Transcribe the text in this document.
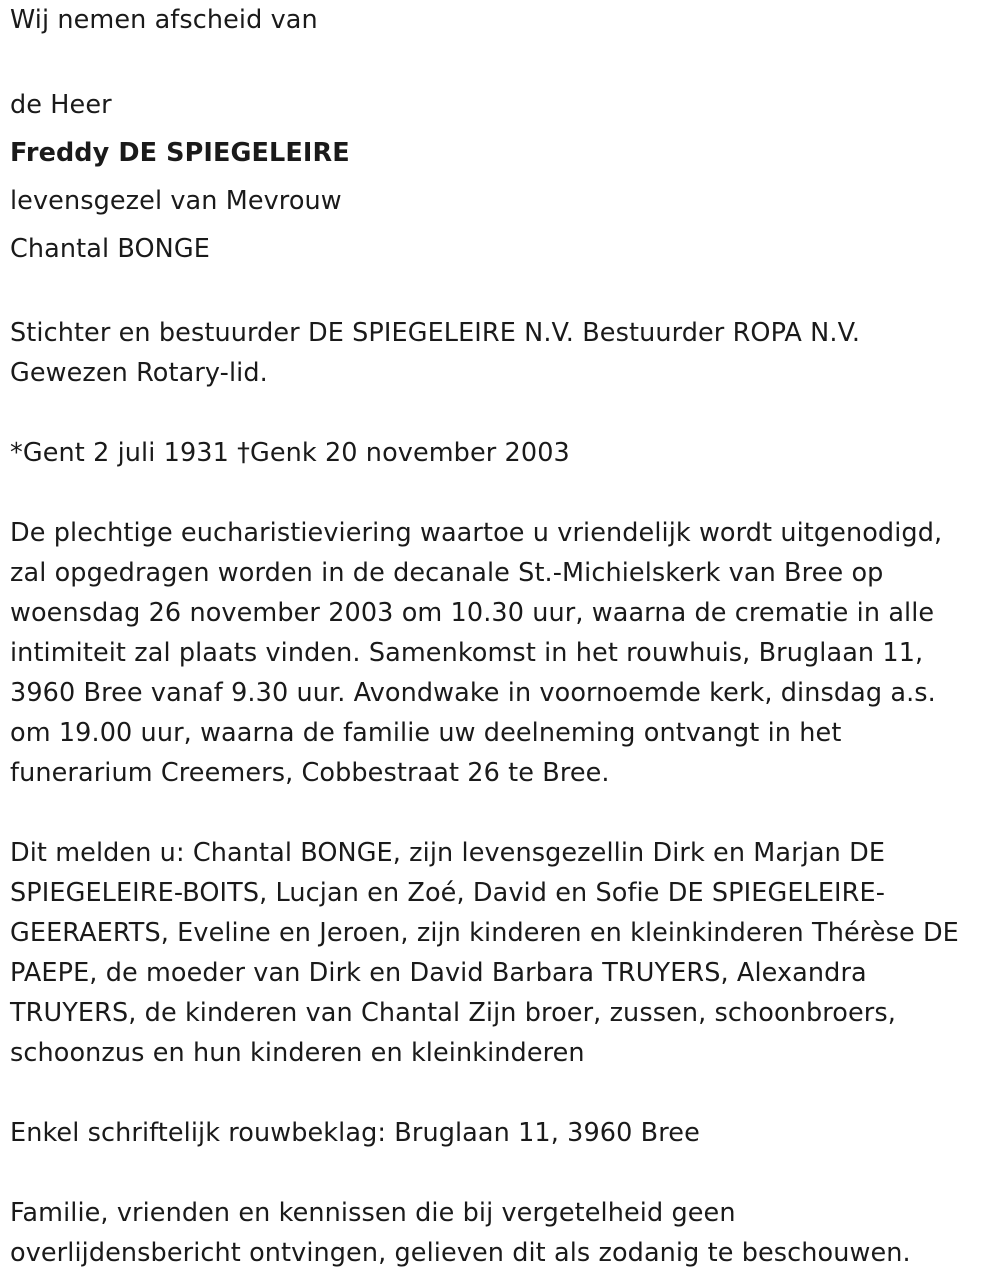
Wij nemen afscheid van
de Heer
Freddy DE SPIEGELEIRE
levensgezel van Mevrouw
Chantal BONGE
Stichter en bestuurder DE SPIEGELEIRE N.V. Bestuurder ROPA N.V.
Gewezen Rotary-lid.
*Gent 2 juli 1931 †Genk 20 november 2003
De plechtige eucharistieviering waartoe u vriendelijk wordt uitgenodigd,
zal opgedragen worden in de decanale St.-Michielskerk van Bree op
woensdag 26 november 2003 om 10.30 uur, waarna de crematie in alle
intimiteit zal plaats vinden. Samenkomst in het rouwhuis, Bruglaan 11,
3960 Bree vanaf 9.30 uur. Avondwake in voornoemde kerk, dinsdag a.s.
om 19.00 uur, waarna de familie uw deelneming ontvangt in het
funerarium Creemers, Cobbestraat 26 te Bree.
Dit melden u: Chantal BONGE, zijn levensgezellin Dirk en Marjan DE
SPIEGELEIRE-BOITS, Lucjan en Zoé, David en Sofie DE SPIEGELEIRE-
GEERAERTS, Eveline en Jeroen, zijn kinderen en kleinkinderen Thérèse DE
PAEPE, de moeder van Dirk en David Barbara TRUYERS, Alexandra
TRUYERS, de kinderen van Chantal Zijn broer, zussen, schoonbroers,
schoonzus en hun kinderen en kleinkinderen
Enkel schriftelijk rouwbeklag: Bruglaan 11, 3960 Bree
Familie, vrienden en kennissen die bij vergetelheid geen
overlijdensbericht ontvingen, gelieven dit als zodanig te beschouwen.
